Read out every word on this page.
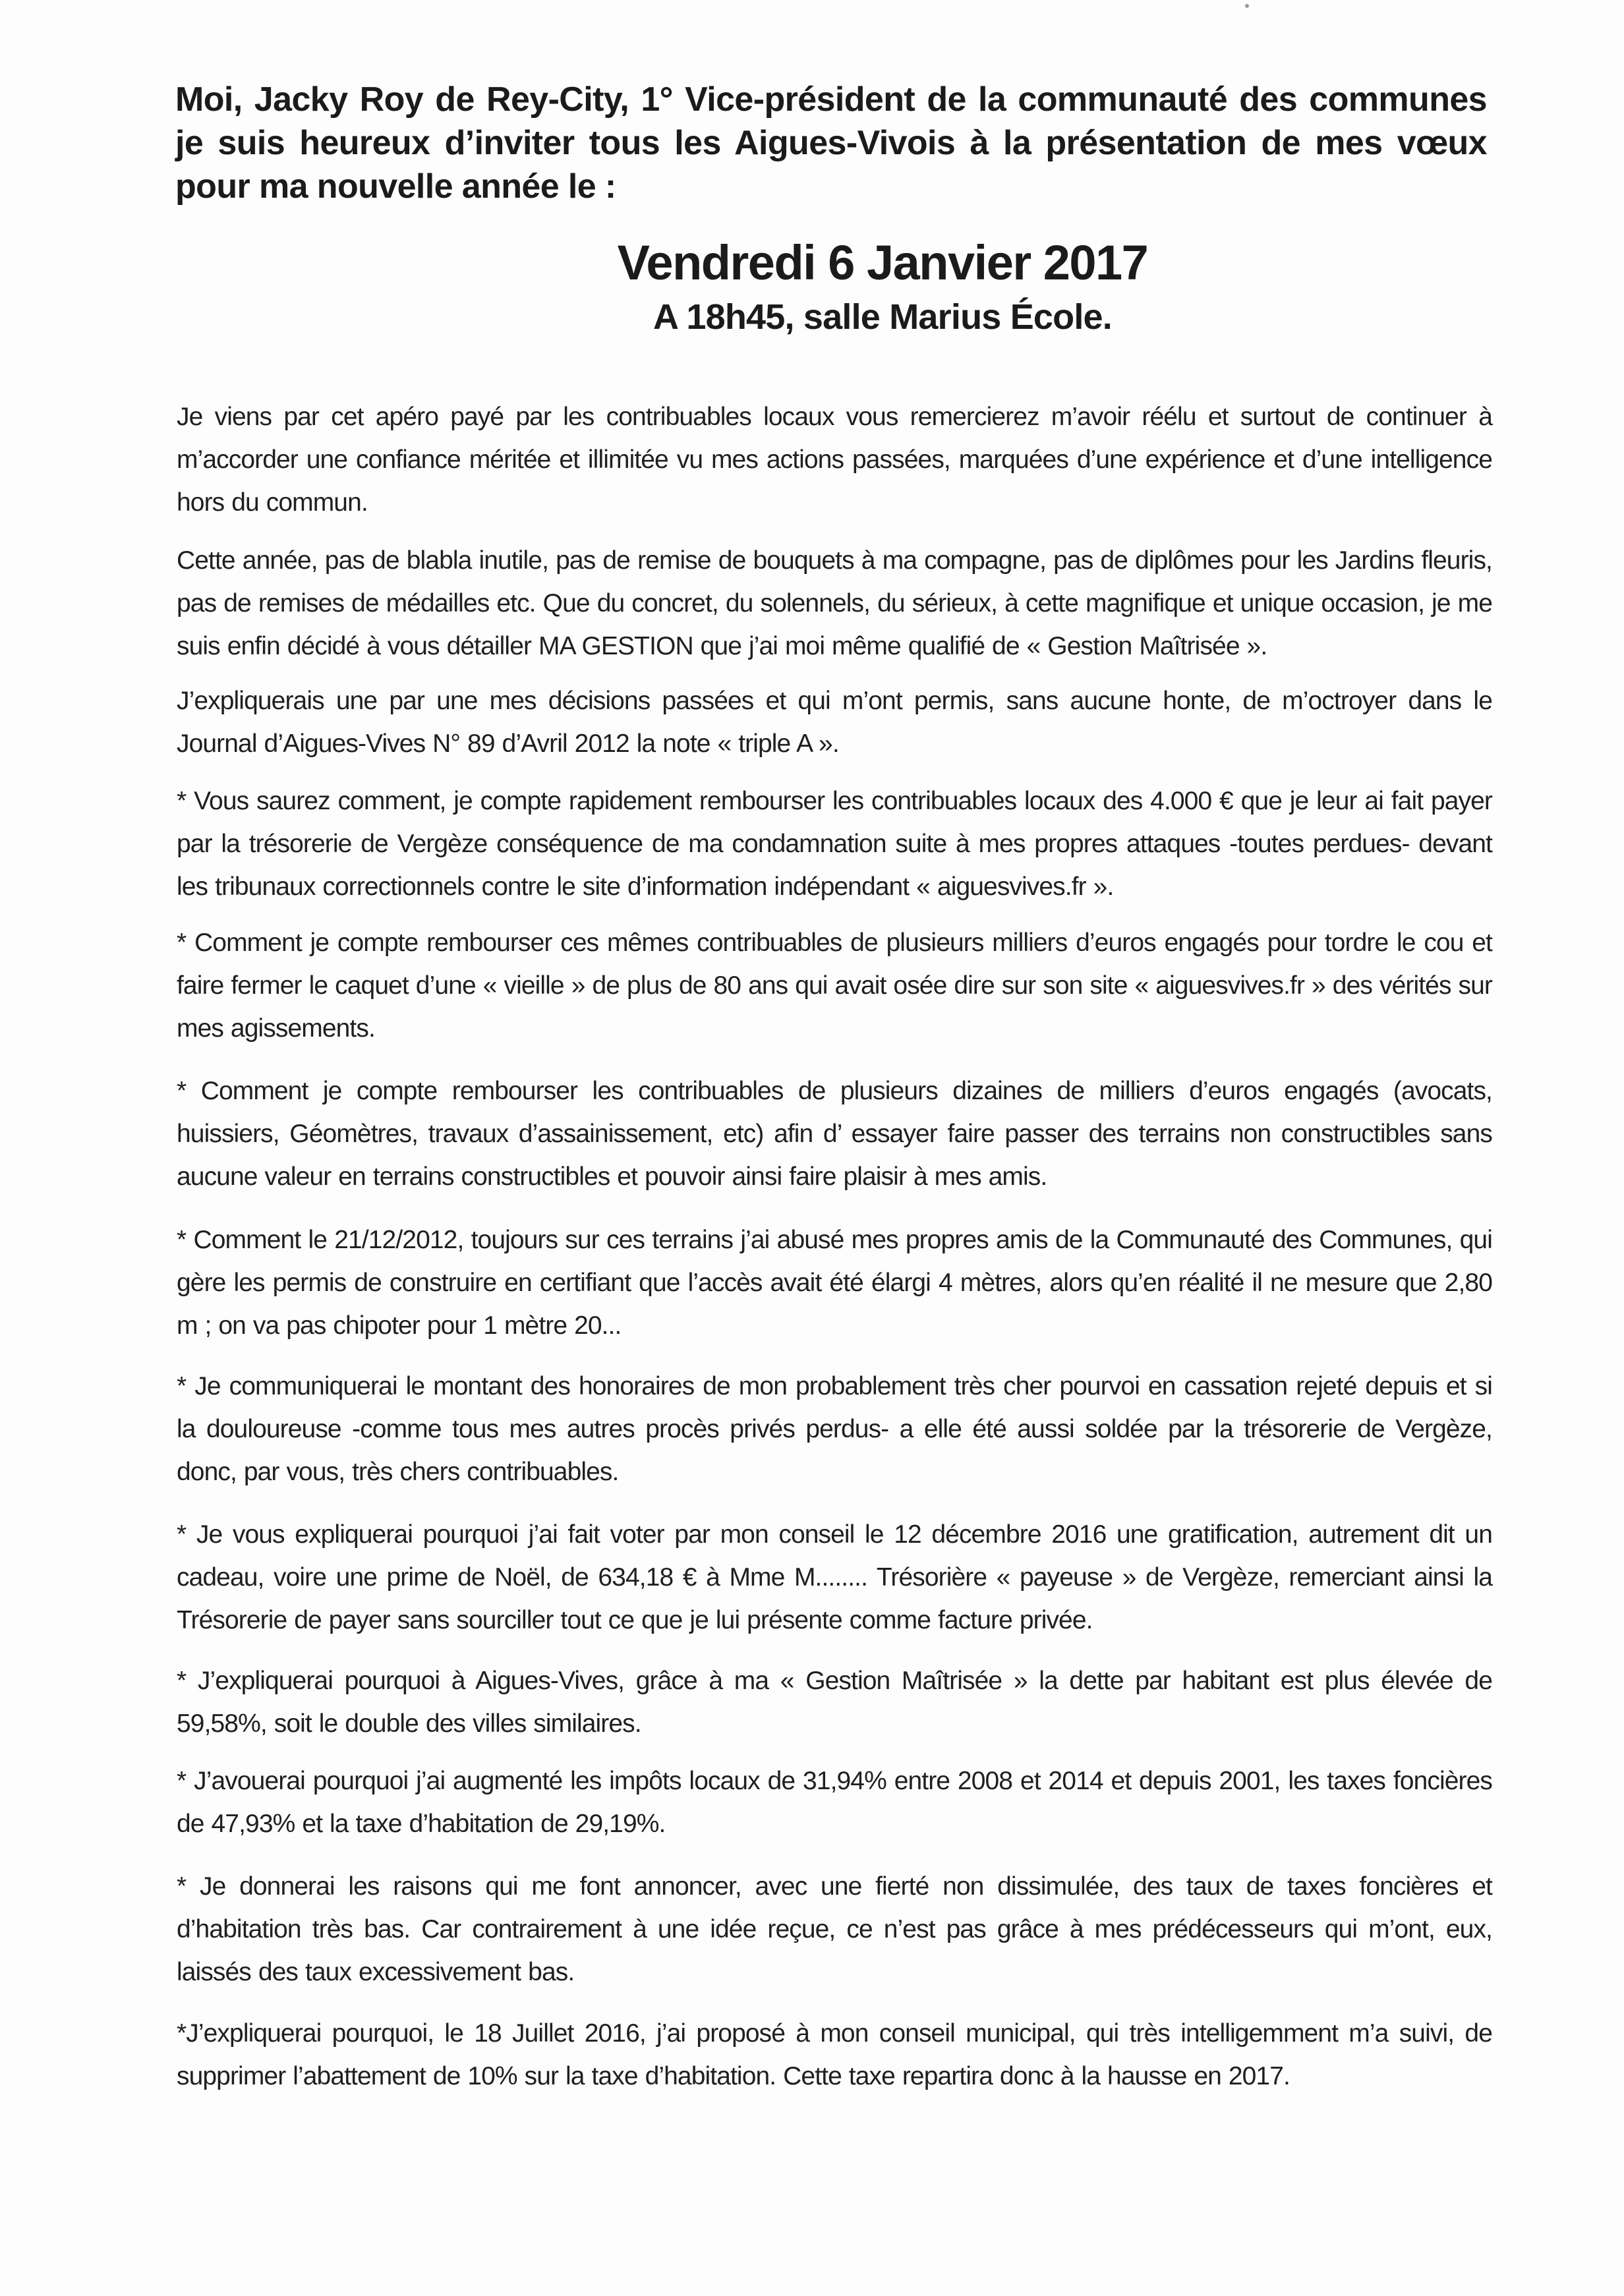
Moi, Jacky Roy de Rey-City, 1° Vice-président de la communauté des communes je suis heureux d’inviter tous les Aigues-Vivois à la présentation de mes vœux pour ma nouvelle année le :

Vendredi 6 Janvier 2017

A 18h45, salle Marius École.

Je viens par cet apéro payé par les contribuables locaux vous remercierez m’avoir réélu et surtout de continuer à m’accorder une confiance méritée et illimitée vu mes actions passées, marquées d’une expérience et d’une intelligence hors du commun.

Cette année, pas de blabla inutile, pas de remise de bouquets à ma compagne, pas de diplômes pour les Jardins fleuris, pas de remises de médailles etc. Que du concret, du solennels, du sérieux, à cette magnifique et unique occasion, je me suis enfin décidé à vous détailler MA GESTION que j’ai moi même qualifié de « Gestion Maîtrisée ».

J’expliquerais une par une mes décisions passées et qui m’ont permis, sans aucune honte, de m’octroyer dans le Journal d’Aigues-Vives N° 89 d’Avril 2012 la note « triple A ».

* Vous saurez comment, je compte rapidement rembourser les contribuables locaux des 4.000 € que je leur ai fait payer par la trésorerie de Vergèze conséquence de ma condamnation suite à mes propres attaques -toutes perdues- devant les tribunaux correctionnels contre le site d’information indépendant « aiguesvives.fr ».

* Comment je compte rembourser ces mêmes contribuables de plusieurs milliers d’euros engagés pour tordre le cou et faire fermer le caquet d’une « vieille » de plus de 80 ans qui avait osée dire sur son site « aiguesvives.fr » des vérités sur mes agissements.

* Comment je compte rembourser les contribuables de plusieurs dizaines de milliers d’euros engagés (avocats, huissiers, Géomètres, travaux d’assainissement, etc) afin d’ essayer faire passer des terrains non constructibles sans aucune valeur en terrains constructibles et pouvoir ainsi faire plaisir à mes amis.

* Comment le 21/12/2012, toujours sur ces terrains j’ai abusé mes propres amis de la Communauté des Communes, qui gère les permis de construire en certifiant que l’accès avait été élargi 4 mètres, alors qu’en réalité il ne mesure que 2,80 m ; on va pas chipoter pour 1 mètre 20...

* Je communiquerai le montant des honoraires de mon probablement très cher pourvoi en cassation rejeté depuis et si la douloureuse -comme tous mes autres procès privés perdus- a elle été aussi soldée par la trésorerie de Vergèze, donc, par vous, très chers contribuables.

* Je vous expliquerai pourquoi j’ai fait voter par mon conseil le 12 décembre 2016 une gratification, autrement dit un cadeau, voire une prime de Noël, de 634,18 € à Mme M........ Trésorière « payeuse » de Vergèze, remerciant ainsi la Trésorerie de payer sans sourciller tout ce que je lui présente comme facture privée.

* J’expliquerai pourquoi à Aigues-Vives, grâce à ma « Gestion Maîtrisée » la dette par habitant est plus élevée de 59,58%, soit le double des villes similaires.

* J’avouerai pourquoi j’ai augmenté les impôts locaux de 31,94% entre 2008 et 2014 et depuis 2001, les taxes foncières de 47,93% et la taxe d’habitation de 29,19%.

* Je donnerai les raisons qui me font annoncer, avec une fierté non dissimulée, des taux de taxes foncières et d’habitation très bas. Car contrairement à une idée reçue, ce n’est pas grâce à mes prédécesseurs qui m’ont, eux, laissés des taux excessivement bas.

*J’expliquerai pourquoi, le 18 Juillet 2016, j’ai proposé à mon conseil municipal, qui très intelligemment m’a suivi, de supprimer l’abattement de 10% sur la taxe d’habitation. Cette taxe repartira donc à la hausse en 2017.
